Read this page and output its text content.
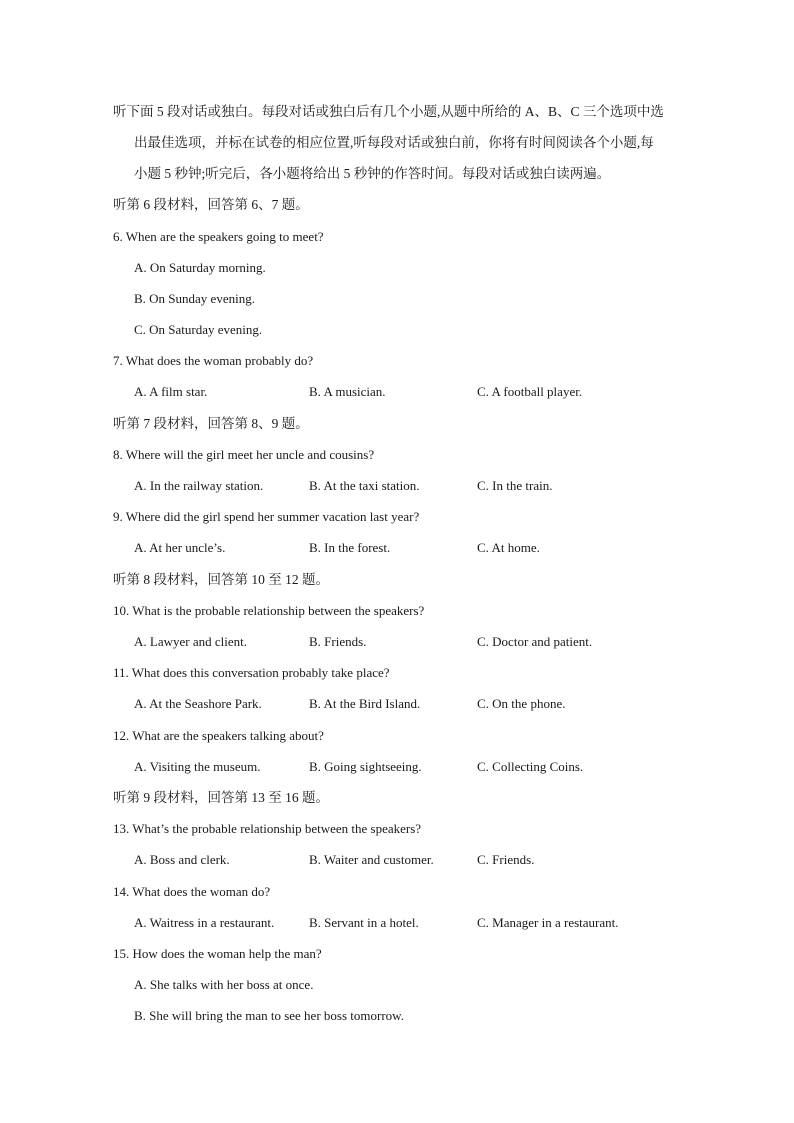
听下面 5 段对话或独白。每段对话或独白后有几个小题,从题中所给的 A、B、C 三个选项中选
出最佳选项，并标在试卷的相应位置,听每段对话或独白前，你将有时间阅读各个小题,每
小题 5 秒钟;听完后，各小题将给出 5 秒钟的作答时间。每段对话或独白读两遍。
听第 6 段材料，回答第 6、7 题。
6. When are the speakers going to meet?
A. On Saturday morning.
B. On Sunday evening.
C. On Saturday evening.
7. What does the woman probably do?
A. A film star.	B. A musician.	C. A football player.
听第 7 段材料，回答第 8、9 题。
8. Where will the girl meet her uncle and cousins?
A. In the railway station.	B. At the taxi station.	C. In the train.
9. Where did the girl spend her summer vacation last year?
A. At her uncle’s.	B. In the forest.	C. At home.
听第 8 段材料，回答第 10 至 12 题。
10. What is the probable relationship between the speakers?
A. Lawyer and client.	B. Friends.	C. Doctor and patient.
11. What does this conversation probably take place?
A. At the Seashore Park.	B. At the Bird Island.	C. On the phone.
12. What are the speakers talking about?
A. Visiting the museum.	B. Going sightseeing.	C. Collecting Coins.
听第 9 段材料，回答第 13 至 16 题。
13. What’s the probable relationship between the speakers?
A. Boss and clerk.	B. Waiter and customer.	C. Friends.
14. What does the woman do?
A. Waitress in a restaurant.	B. Servant in a hotel.	C. Manager in a restaurant.
15. How does the woman help the man?
A. She talks with her boss at once.
B. She will bring the man to see her boss tomorrow.
